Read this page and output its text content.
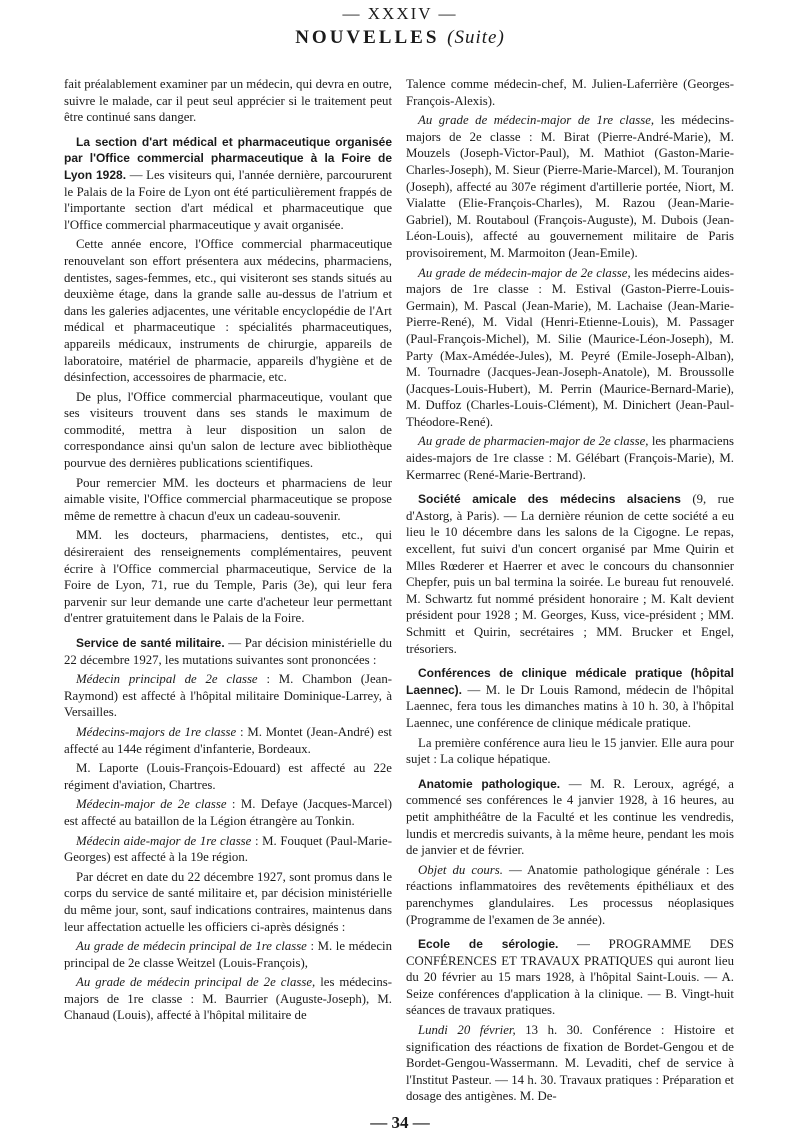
— XXXIV —
NOUVELLES (Suite)

fait préalablement examiner par un médecin, qui devra en outre, suivre le malade, car il peut seul apprécier si le traitement peut être continué sans danger.

La section d'art médical et pharmaceutique organisée par l'Office commercial pharmaceutique à la Foire de Lyon 1928. — Les visiteurs qui, l'année dernière, parcoururent le Palais de la Foire de Lyon ont été particulièrement frappés de l'importante section d'art médical et pharmaceutique que l'Office commercial pharmaceutique y avait organisée.

Cette année encore, l'Office commercial pharmaceutique renouvelant son effort présentera aux médecins, pharmaciens, dentistes, sages-femmes, etc., qui visiteront ses stands situés au deuxième étage, dans la grande salle au-dessus de l'atrium et dans les galeries adjacentes, une véritable encyclopédie de l'Art médical et pharmaceutique : spécialités pharmaceutiques, appareils médicaux, instruments de chirurgie, appareils de laboratoire, matériel de pharmacie, appareils d'hygiène et de désinfection, accessoires de pharmacie, etc.

De plus, l'Office commercial pharmaceutique, voulant que ses visiteurs trouvent dans ses stands le maximum de commodité, mettra à leur disposition un salon de correspondance ainsi qu'un salon de lecture avec bibliothèque pourvue des dernières publications scientifiques.

Pour remercier MM. les docteurs et pharmaciens de leur aimable visite, l'Office commercial pharmaceutique se propose même de remettre à chacun d'eux un cadeau-souvenir.

MM. les docteurs, pharmaciens, dentistes, etc., qui désireraient des renseignements complémentaires, peuvent écrire à l'Office commercial pharmaceutique, Service de la Foire de Lyon, 71, rue du Temple, Paris (3e), qui leur fera parvenir sur leur demande une carte d'acheteur leur permettant d'entrer gratuitement dans le Palais de la Foire.

Service de santé militaire. — Par décision ministérielle du 22 décembre 1927, les mutations suivantes sont prononcées :

Médecin principal de 2e classe : M. Chambon (Jean-Raymond) est affecté à l'hôpital militaire Dominique-Larrey, à Versailles.

Médecins-majors de 1re classe : M. Montet (Jean-André) est affecté au 144e régiment d'infanterie, Bordeaux.

M. Laporte (Louis-François-Edouard) est affecté au 22e régiment d'aviation, Chartres.

Médecin-major de 2e classe : M. Defaye (Jacques-Marcel) est affecté au bataillon de la Légion étrangère au Tonkin.

Médecin aide-major de 1re classe : M. Fouquet (Paul-Marie-Georges) est affecté à la 19e région.

Par décret en date du 22 décembre 1927, sont promus dans le corps du service de santé militaire et, par décision ministérielle du même jour, sont, sauf indications contraires, maintenus dans leur affectation actuelle les officiers ci-après désignés :

Au grade de médecin principal de 1re classe : M. le médecin principal de 2e classe Weitzel (Louis-François),

Au grade de médecin principal de 2e classe, les médecins-majors de 1re classe : M. Baurrier (Auguste-Joseph), M. Chanaud (Louis), affecté à l'hôpital militaire de

Talence comme médecin-chef, M. Julien-Laferrière (Georges-François-Alexis).

Au grade de médecin-major de 1re classe, les médecins-majors de 2e classe : M. Birat (Pierre-André-Marie), M. Mouzels (Joseph-Victor-Paul), M. Mathiot (Gaston-Marie-Charles-Joseph), M. Sieur (Pierre-Marie-Marcel), M. Touranjon (Joseph), affecté au 307e régiment d'artillerie portée, Niort, M. Vialatte (Elie-François-Charles), M. Razou (Jean-Marie-Gabriel), M. Routaboul (François-Auguste), M. Dubois (Jean-Léon-Louis), affecté au gouvernement militaire de Paris provisoirement, M. Marmoiton (Jean-Emile).

Au grade de médecin-major de 2e classe, les médecins aides-majors de 1re classe : M. Estival (Gaston-Pierre-Louis-Germain), M. Pascal (Jean-Marie), M. Lachaise (Jean-Marie-Pierre-René), M. Vidal (Henri-Etienne-Louis), M. Passager (Paul-François-Michel), M. Silie (Maurice-Léon-Joseph), M. Party (Max-Amédée-Jules), M. Peyré (Emile-Joseph-Alban), M. Tournadre (Jacques-Jean-Joseph-Anatole), M. Broussolle (Jacques-Louis-Hubert), M. Perrin (Maurice-Bernard-Marie), M. Duffoz (Charles-Louis-Clément), M. Dinichert (Jean-Paul-Théodore-René).

Au grade de pharmacien-major de 2e classe, les pharmaciens aides-majors de 1re classe : M. Gélébart (François-Marie), M. Kermarrec (René-Marie-Bertrand).

Société amicale des médecins alsaciens (9, rue d'Astorg, à Paris). — La dernière réunion de cette société a eu lieu le 10 décembre dans les salons de la Cigogne. Le repas, excellent, fut suivi d'un concert organisé par Mme Quirin et Mlles Rœderer et Haerrer et avec le concours du chansonnier Chepfer, puis un bal termina la soirée. Le bureau fut renouvelé. M. Schwartz fut nommé président honoraire ; M. Kalt devient président pour 1928 ; M. Georges, Kuss, vice-président ; MM. Schmitt et Quirin, secrétaires ; MM. Brucker et Engel, trésoriers.

Conférences de clinique médicale pratique (hôpital Laennec). — M. le Dr Louis Ramond, médecin de l'hôpital Laennec, fera tous les dimanches matins à 10 h. 30, à l'hôpital Laennec, une conférence de clinique médicale pratique.

La première conférence aura lieu le 15 janvier. Elle aura pour sujet : La colique hépatique.

Anatomie pathologique. — M. R. Leroux, agrégé, a commencé ses conférences le 4 janvier 1928, à 16 heures, au petit amphithéâtre de la Faculté et les continue les vendredis, lundis et mercredis suivants, à la même heure, pendant les mois de janvier et de février.

Objet du cours. — Anatomie pathologique générale : Les réactions inflammatoires des revêtements épithéliaux et des parenchymes glandulaires. Les processus néoplasiques (Programme de l'examen de 3e année).

Ecole de sérologie. — PROGRAMME DES CONFÉRENCES ET TRAVAUX PRATIQUES qui auront lieu du 20 février au 15 mars 1928, à l'hôpital Saint-Louis. — A. Seize conférences d'application à la clinique. — B. Vingt-huit séances de travaux pratiques.

Lundi 20 février, 13 h. 30. Conférence : Histoire et signification des réactions de fixation de Bordet-Gengou et de Bordet-Gengou-Wassermann. M. Levaditi, chef de service à l'Institut Pasteur. — 14 h. 30. Travaux pratiques : Préparation et dosage des antigènes. M. De-

— 34 —
